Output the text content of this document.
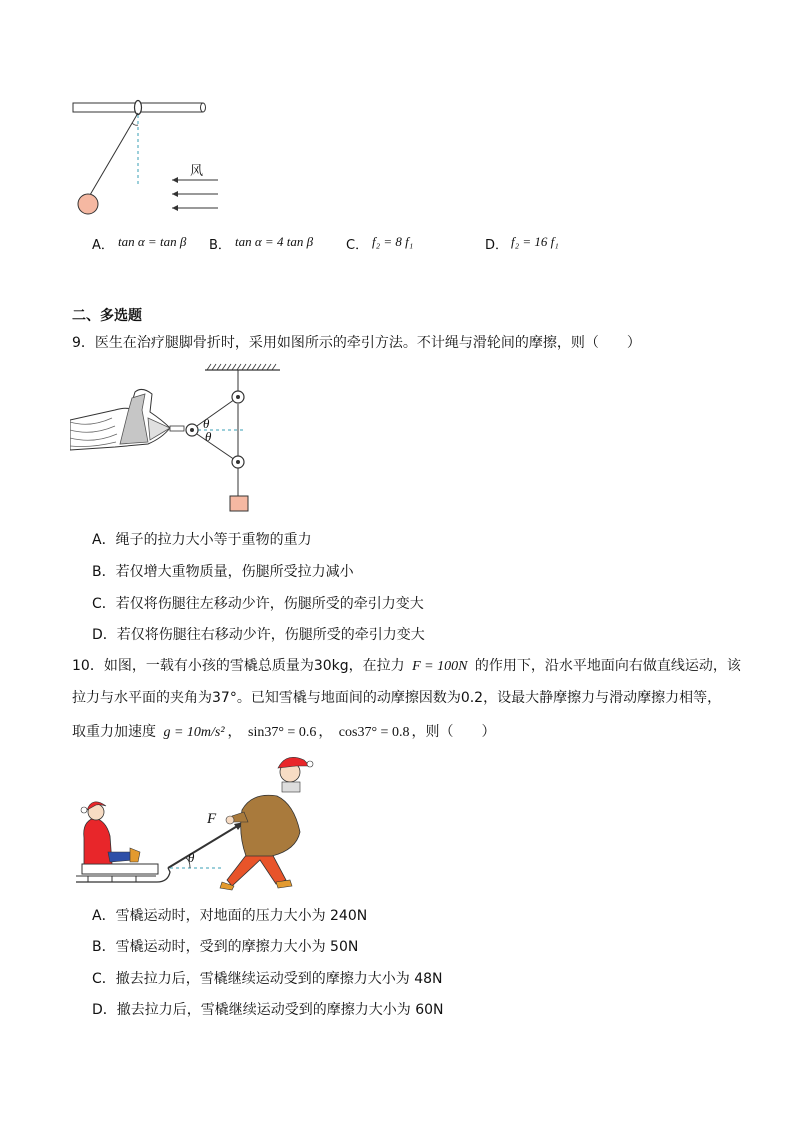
风
A． tan α = tan β B． tan α = 4 tan β	C． f₂ = 8 f₁	D． f₂ = 16 f₁
二、多选题
9．医生在治疗腿脚骨折时，采用如图所示的牵引方法。不计绳与滑轮间的摩擦，则（　　）
θ
θ
A．绳子的拉力大小等于重物的重力
B．若仅增大重物质量，伤腿所受拉力减小
C．若仅将伤腿往左移动少许，伤腿所受的牵引力变大
D．若仅将伤腿往右移动少许，伤腿所受的牵引力变大
10．如图，一载有小孩的雪橇总质量为30kg，在拉力 F = 100N 的作用下，沿水平地面向右做直线运动，该
拉力与水平面的夹角为37°。已知雪橇与地面间的动摩擦因数为0.2，设最大静摩擦力与滑动摩擦力相等，
取重力加速度 g = 10m/s² ， sin37° = 0.6 ， cos37° = 0.8 ，则（　　）
F
θ
A．雪橇运动时，对地面的压力大小为 240N
B．雪橇运动时，受到的摩擦力大小为 50N
C．撤去拉力后，雪橇继续运动受到的摩擦力大小为 48N
D．撤去拉力后，雪橇继续运动受到的摩擦力大小为 60N
